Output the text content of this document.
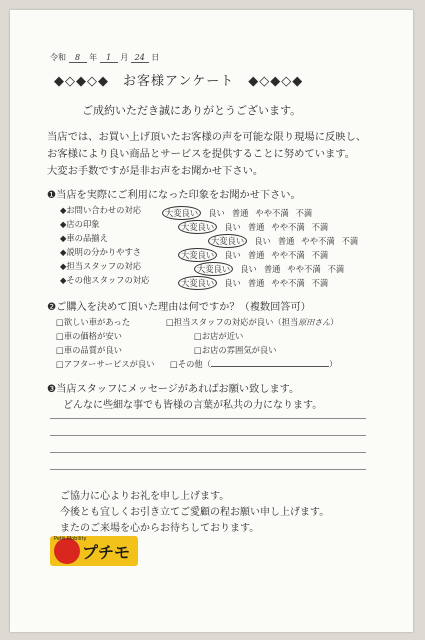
令和 8 年 1 月 24 日
◆◇◆◇◆　お客様アンケート　◆◇◆◇◆
ご成約いただき誠にありがとうございます。
当店では、お買い上げ頂いたお客様の声を可能な限り現場に反映し、
お客様により良い商品とサービスを提供することに努めています。
大変お手数ですが是非お声をお聞かせ下さい。
❶当店を実際にご利用になった印象をお聞かせ下さい。
◆お問い合わせの対応	大変良い 良い 普通 やや不満 不満
◆店の印象	大変良い 良い 普通 やや不満 不満
◆車の品揃え	大変良い 良い 普通 やや不満 不満
◆説明の分かりやすさ	大変良い 良い 普通 やや不満 不満
◆担当スタッフの対応	大変良い 良い 普通 やや不満 不満
◆その他スタッフの対応	大変良い 良い 普通 やや不満 不満
❷ご購入を決めて頂いた理由は何ですか？（複数回答可）
□欲しい車があった
□車の価格が安い
□車の品質が良い
□アフターサービスが良い
□担当スタッフの対応が良い（担当原田さん）
□お店が近い
□お店の雰囲気が良い
□その他（	）
❸当店スタッフにメッセージがあればお願い致します。
どんなに些細な事でも皆様の言葉が私共の力になります。
ご協力に心よりお礼を申し上げます。
今後とも宜しくお引き立てご愛顧の程お願い申し上げます。
またのご来場を心からお待ちしております。
Petit Mobility
プチモ
